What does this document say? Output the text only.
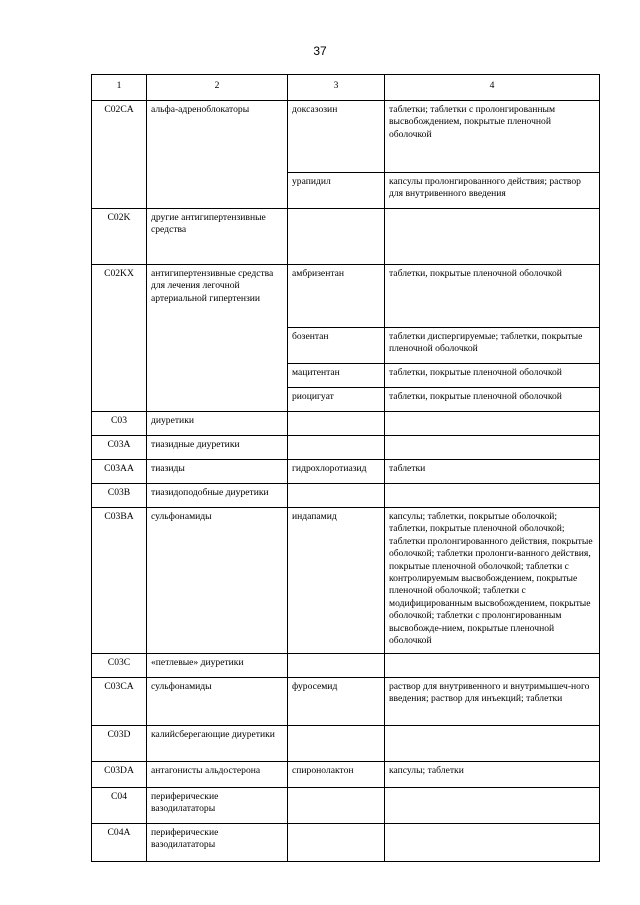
37
1	2	3	4
C02CA	альфа-адреноблокаторы	доксазозин	таблетки; таблетки с пролонгированным высвобождением, покрытые пленочной оболочкой
		урапидил	капсулы пролонгированного действия; раствор для внутривенного введения
C02K	другие антигипертензивные средства		
C02KX	антигипертензивные средства для лечения легочной артериальной гипертензии	амбризентан	таблетки, покрытые пленочной оболочкой
		бозентан	таблетки диспергируемые; таблетки, покрытые пленочной оболочкой
		мацитентан	таблетки, покрытые пленочной оболочкой
		риоцигуат	таблетки, покрытые пленочной оболочкой
C03	диуретики		
C03A	тиазидные диуретики		
C03AA	тиазиды	гидрохлоротиазид	таблетки
C03B	тиазидоподобные диуретики		
C03BA	сульфонамиды	индапамид	капсулы; таблетки, покрытые оболочкой; таблетки, покрытые пленочной оболочкой; таблетки пролонгированного действия, покрытые оболочкой; таблетки пролонги-ванного действия, покрытые пленочной оболочкой; таблетки с контролируемым высвобождением, покрытые пленочной оболочкой; таблетки с модифицированным высвобождением, покрытые оболочкой; таблетки с пролонгированным высвобожде-нием, покрытые пленочной оболочкой
C03C	«петлевые» диуретики		
C03CA	сульфонамиды	фуросемид	раствор для внутривенного и внутримышеч-ного введения; раствор для инъекций; таблетки
C03D	калийсберегающие диуретики		
C03DA	антагонисты альдостерона	спиронолактон	капсулы; таблетки
C04	периферические вазодилататоры		
C04A	периферические вазодилататоры		
